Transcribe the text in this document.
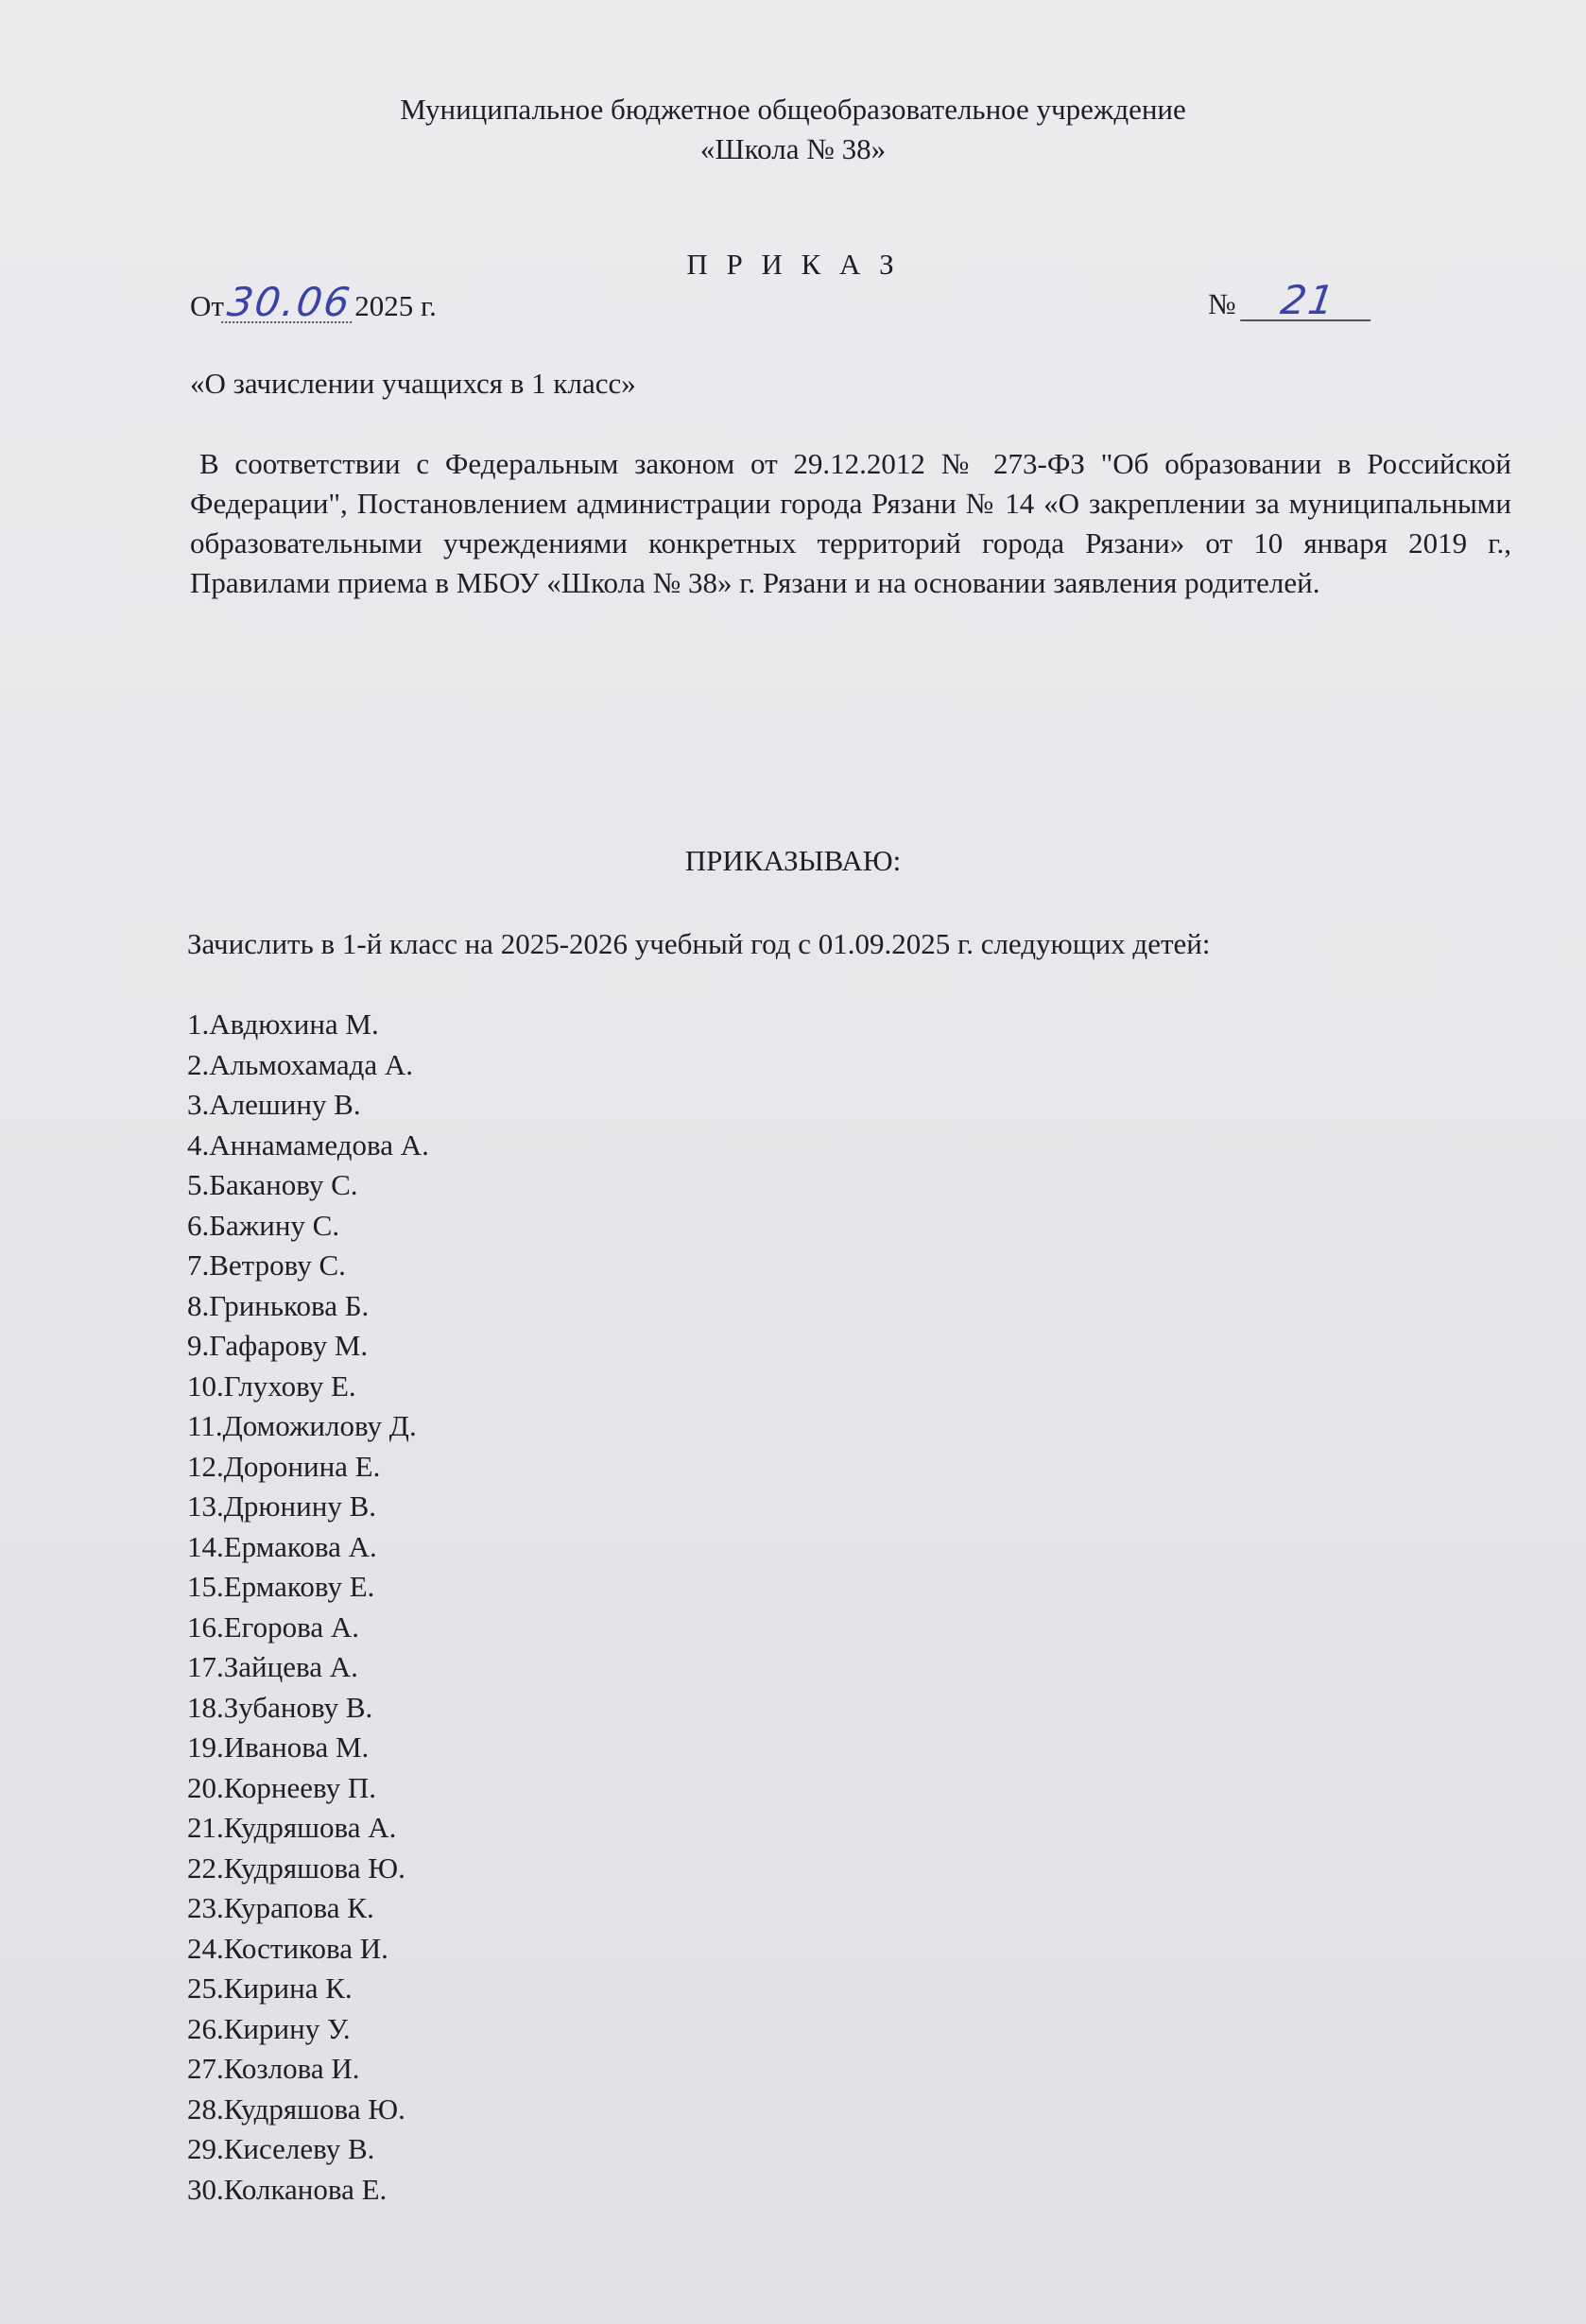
Муниципальное бюджетное общеобразовательное учреждение
«Школа № 38»
П Р И К А З
От30.062025 г.	№ 21
«О зачислении учащихся в 1 класс»
В соответствии с Федеральным законом от 29.12.2012 № 273-ФЗ "Об образовании в Российской Федерации", Постановлением администрации города Рязани № 14 «О закреплении за муниципальными образовательными учреждениями конкретных территорий города Рязани» от 10 января 2019 г., Правилами приема в МБОУ «Школа № 38» г. Рязани и на основании заявления родителей.
ПРИКАЗЫВАЮ:
Зачислить в 1-й класс на 2025-2026 учебный год с 01.09.2025 г. следующих детей:
1.Авдюхина М.
2.Альмохамада А.
3.Алешину В.
4.Аннамамедова А.
5.Баканову С.
6.Бажину С.
7.Ветрову С.
8.Гринькова Б.
9.Гафарову М.
10.Глухову Е.
11.Доможилову Д.
12.Доронина Е.
13.Дрюнину В.
14.Ермакова А.
15.Ермакову Е.
16.Егорова А.
17.Зайцева А.
18.Зубанову В.
19.Иванова М.
20.Корнееву П.
21.Кудряшова А.
22.Кудряшова Ю.
23.Курапова К.
24.Костикова И.
25.Кирина К.
26.Кирину У.
27.Козлова И.
28.Кудряшова Ю.
29.Киселеву В.
30.Колканова Е.
